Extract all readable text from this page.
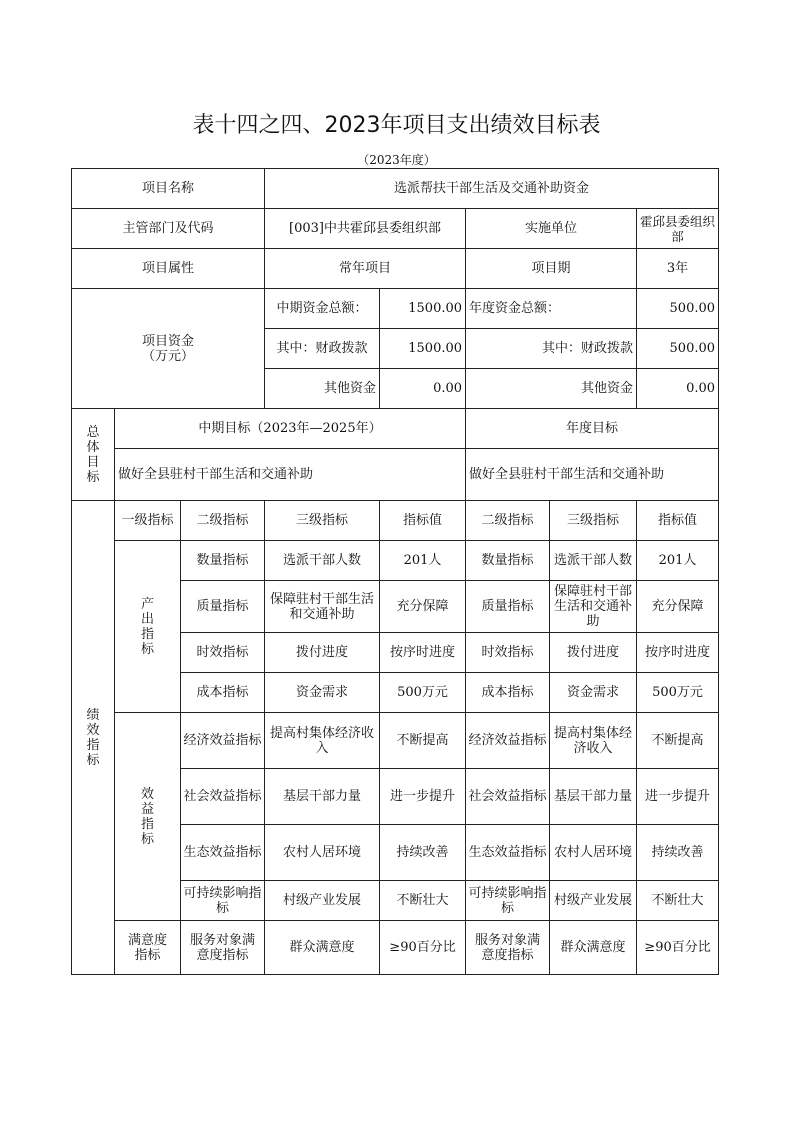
表十四之四、2023年项目支出绩效目标表
（2023年度）
项目名称			选派帮扶干部生活及交通补助资金				
主管部门及代码			[003]中共霍邱县委组织部		实施单位		霍邱县委组织部
项目属性			常年项目		项目期		3年

项目资金
（万元）			中期资金总额：	1500.00	年度资金总额：		500.00
			其中：财政拨款	1500.00	其中：财政拨款		500.00
			其他资金	0.00	其他资金		0.00

总
体
目
标	中期目标（2023年—2025年）				年度目标		
	做好全县驻村干部生活和交通补助				做好全县驻村干部生活和交通补助		

绩
效
指
标	一级指标	二级指标	三级指标	指标值	二级指标	三级指标	指标值

	产
出
指
标	数量指标	选派干部人数	201人	数量指标	选派干部人数	201人
		质量指标	保障驻村干部生活和交通补助	充分保障	质量指标	保障驻村干部生活和交通补助	充分保障
		时效指标	拨付进度	按序时进度	时效指标	拨付进度	按序时进度
		成本指标	资金需求	500万元	成本指标	资金需求	500万元

	效
益
指
标	经济效益指标	提高村集体经济收入	不断提高	经济效益指标	提高村集体经济收入	不断提高
		社会效益指标	基层干部力量	进一步提升	社会效益指标	基层干部力量	进一步提升
		生态效益指标	农村人居环境	持续改善	生态效益指标	农村人居环境	持续改善
		可持续影响指标	村级产业发展	不断壮大	可持续影响指标	村级产业发展	不断壮大
	满意度指标	服务对象满意度指标	群众满意度	≥90百分比	服务对象满意度指标	群众满意度	≥90百分比
